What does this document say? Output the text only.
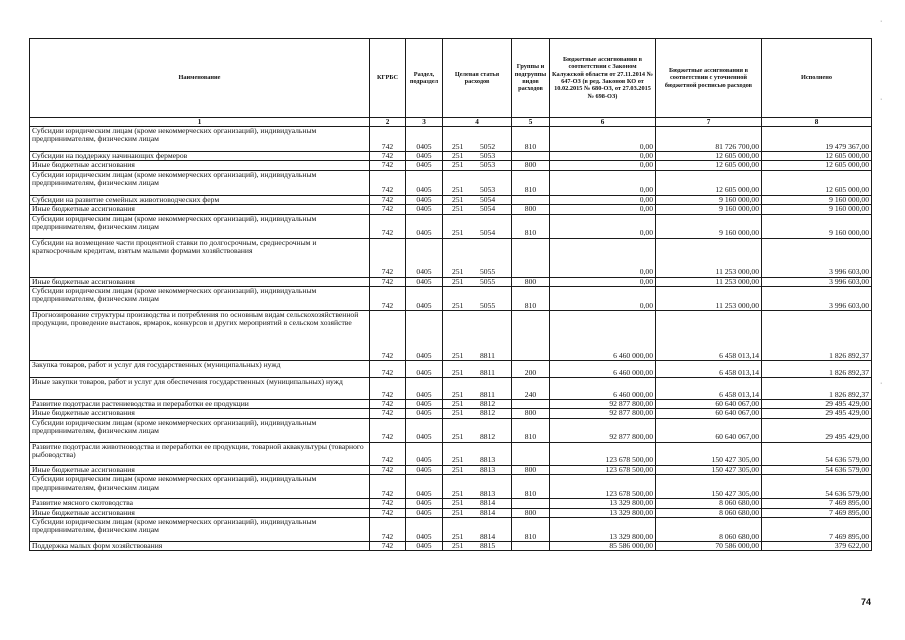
Наименование	КГРБС	Раздел, подраздел	Целевая статья расходов	Группы и подгруппы видов расходов	Бюджетные ассигнования в соответствии с Законом Калужской области от 27.11.2014 № 647-ОЗ (в ред. Законов КО от 10.02.2015 № 680-ОЗ, от 27.03.2015 № 698-ОЗ)	Бюджетные ассигнования в соответствии с уточненной бюджетной росписью расходов	Исполнено
1	2	3	4	5	6	7	8
Субсидии юридическим лицам (кроме некоммерческих организаций), индивидуальным предпринимателям, физическим лицам	742	0405	251 5052	810	0,00	81 726 700,00	19 479 367,00
Субсидии на поддержку начинающих фермеров	742	0405	251 5053		0,00	12 605 000,00	12 605 000,00
Иные бюджетные ассигнования	742	0405	251 5053	800	0,00	12 605 000,00	12 605 000,00
Субсидии юридическим лицам (кроме некоммерческих организаций), индивидуальным предпринимателям, физическим лицам	742	0405	251 5053	810	0,00	12 605 000,00	12 605 000,00
Субсидии на развитие семейных животноводческих ферм	742	0405	251 5054		0,00	9 160 000,00	9 160 000,00
Иные бюджетные ассигнования	742	0405	251 5054	800	0,00	9 160 000,00	9 160 000,00
Субсидии юридическим лицам (кроме некоммерческих организаций), индивидуальным предпринимателям, физическим лицам	742	0405	251 5054	810	0,00	9 160 000,00	9 160 000,00
Субсидии на возмещение части процентной ставки по долгосрочным, среднесрочным и краткосрочным кредитам, взятым малыми формами хозяйствования	742	0405	251 5055		0,00	11 253 000,00	3 996 603,00
Иные бюджетные ассигнования	742	0405	251 5055	800	0,00	11 253 000,00	3 996 603,00
Субсидии юридическим лицам (кроме некоммерческих организаций), индивидуальным предпринимателям, физическим лицам	742	0405	251 5055	810	0,00	11 253 000,00	3 996 603,00
Прогнозирование структуры производства и потребления по основным видам сельскохозяйственной продукции, проведение выставок, ярмарок, конкурсов и других мероприятий в сельском хозяйстве	742	0405	251 8811		6 460 000,00	6 458 013,14	1 826 892,37
Закупка товаров, работ и услуг для государственных (муниципальных) нужд	742	0405	251 8811	200	6 460 000,00	6 458 013,14	1 826 892,37
Иные закупки товаров, работ и услуг для обеспечения государственных (муниципальных) нужд	742	0405	251 8811	240	6 460 000,00	6 458 013,14	1 826 892,37
Развитие подотрасли растениеводства и переработки ее продукции	742	0405	251 8812		92 877 800,00	60 640 067,00	29 495 429,00
Иные бюджетные ассигнования	742	0405	251 8812	800	92 877 800,00	60 640 067,00	29 495 429,00
Субсидии юридическим лицам (кроме некоммерческих организаций), индивидуальным предпринимателям, физическим лицам	742	0405	251 8812	810	92 877 800,00	60 640 067,00	29 495 429,00
Развитие подотрасли животноводства и переработки ее продукции, товарной аквакультуры (товарного рыбоводства)	742	0405	251 8813		123 678 500,00	150 427 305,00	54 636 579,00
Иные бюджетные ассигнования	742	0405	251 8813	800	123 678 500,00	150 427 305,00	54 636 579,00
Субсидии юридическим лицам (кроме некоммерческих организаций), индивидуальным предпринимателям, физическим лицам	742	0405	251 8813	810	123 678 500,00	150 427 305,00	54 636 579,00
Развитие мясного скотоводства	742	0405	251 8814		13 329 800,00	8 060 680,00	7 469 895,00
Иные бюджетные ассигнования	742	0405	251 8814	800	13 329 800,00	8 060 680,00	7 469 895,00
Субсидии юридическим лицам (кроме некоммерческих организаций), индивидуальным предпринимателям, физическим лицам	742	0405	251 8814	810	13 329 800,00	8 060 680,00	7 469 895,00
Поддержка малых форм хозяйствования	742	0405	251 8815		85 586 000,00	70 586 000,00	379 622,00
74
·
·
·
